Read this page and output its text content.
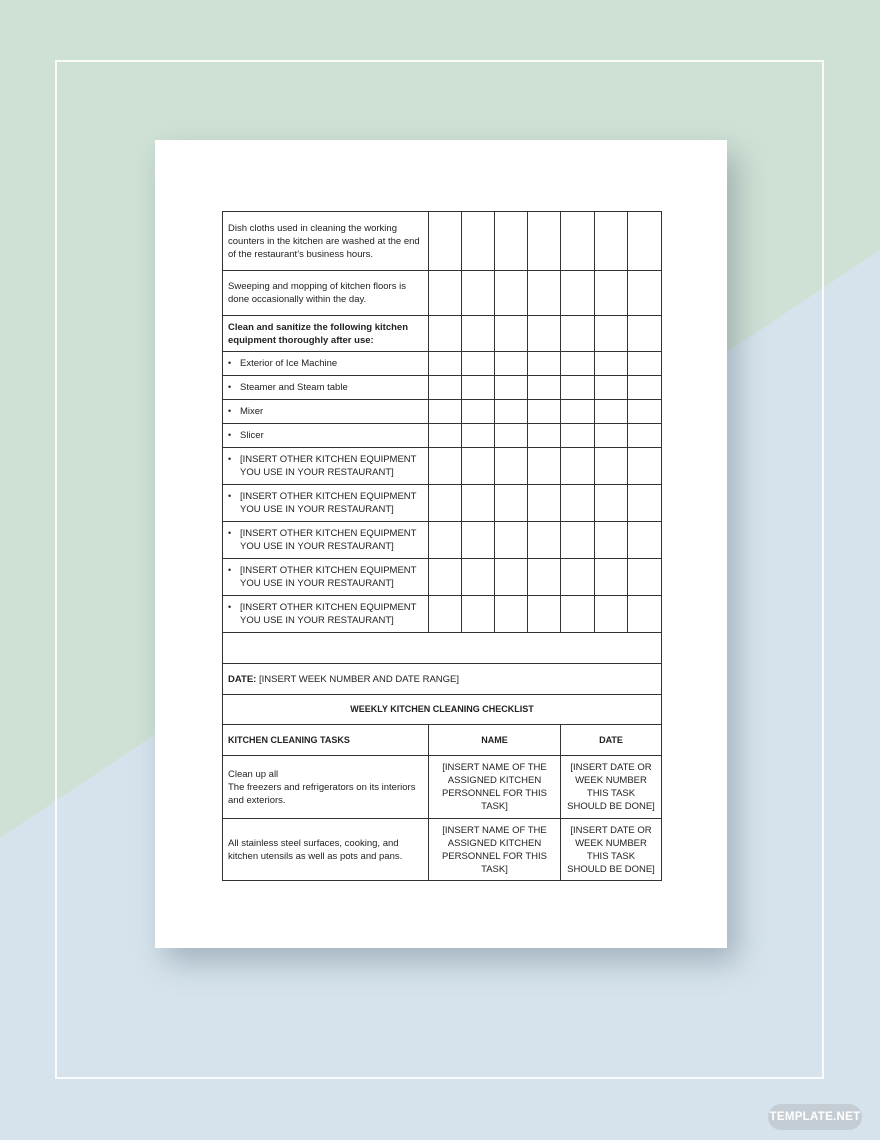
Dish cloths used in cleaning the working counters in the kitchen are washed at the end of the restaurant’s business hours.							
Sweeping and mopping of kitchen floors is done occasionally within the day.							
Clean and sanitize the following kitchen equipment thoroughly after use:							

• Exterior of Ice Machine							

• Steamer and Steam table							

• Mixer							

• Slicer							

• [INSERT OTHER KITCHEN EQUIPMENT YOU USE IN YOUR RESTAURANT]							

• [INSERT OTHER KITCHEN EQUIPMENT YOU USE IN YOUR RESTAURANT]							

• [INSERT OTHER KITCHEN EQUIPMENT YOU USE IN YOUR RESTAURANT]							

• [INSERT OTHER KITCHEN EQUIPMENT YOU USE IN YOUR RESTAURANT]							

• [INSERT OTHER KITCHEN EQUIPMENT YOU USE IN YOUR RESTAURANT]							

DATE: [INSERT WEEK NUMBER AND DATE RANGE]							
WEEKLY KITCHEN CLEANING CHECKLIST							
KITCHEN CLEANING TASKS	NAME				DATE		
Clean up all
The freezers and refrigerators on its interiors and exteriors.	[INSERT NAME OF THE ASSIGNED KITCHEN PERSONNEL FOR THIS TASK]				[INSERT DATE OR WEEK NUMBER THIS TASK SHOULD BE DONE]		
All stainless steel surfaces, cooking, and kitchen utensils as well as pots and pans.	[INSERT NAME OF THE ASSIGNED KITCHEN PERSONNEL FOR THIS TASK]				[INSERT DATE OR WEEK NUMBER THIS TASK SHOULD BE DONE]		
TEMPLATE.NET
